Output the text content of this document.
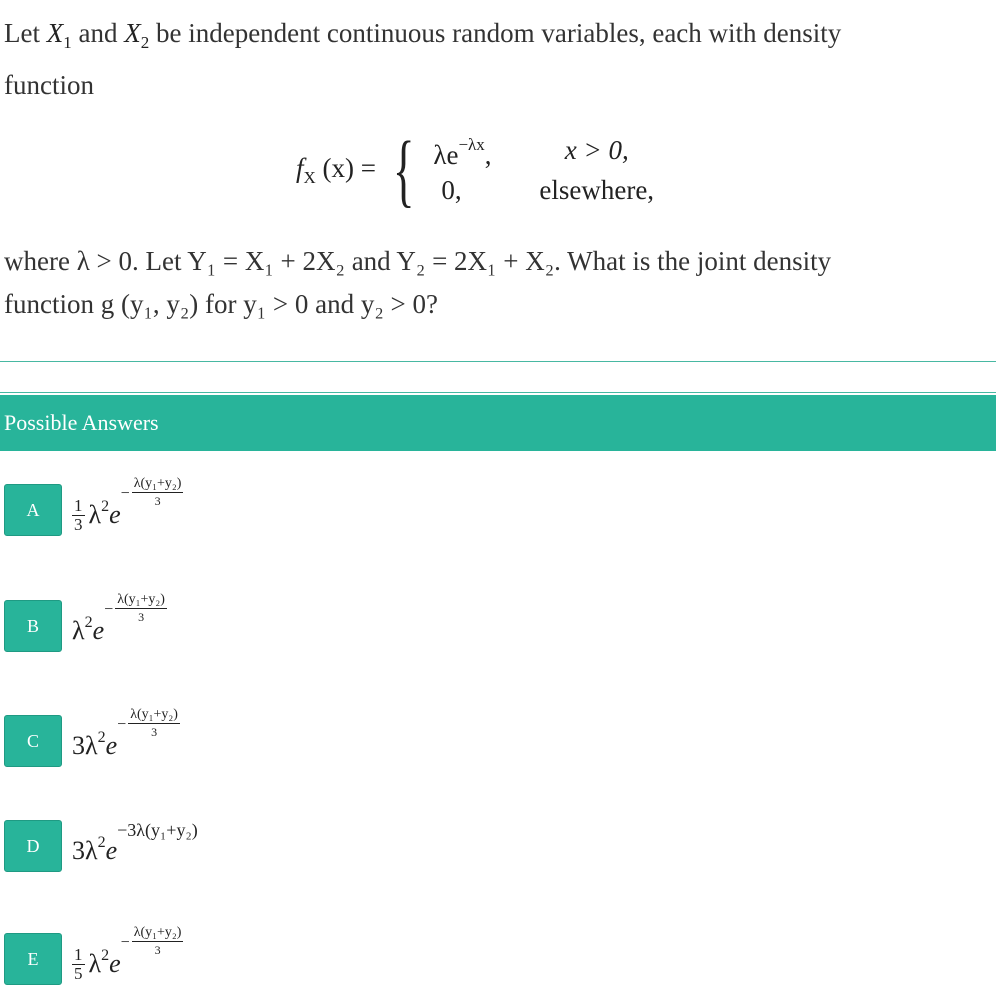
Let $X_1$ and $X_2$ be independent continuous random variables, each with density
function
$f_X$ (x) = { $\lambda e^{-\lambda x}$,	x > 0,
0,	elsewhere,
where λ > 0. Let Y₁ = X₁ + 2X₂ and Y₂ = 2X₁ + X₂. What is the joint density
function g (y₁, y₂) for y₁ > 0 and y₂ > 0?
Possible Answers
A	$\frac{1}{3} \lambda^2$ e
− $\frac{\text{λ(y₁+y₂)}}{3}$
B	$\lambda^2$ e
− $\frac{\text{λ(y₁+y₂)}}{3}$
C	3 $\lambda^2$ e
− $\frac{\text{λ(y₁+y₂)}}{3}$
D	3 $\lambda^2$ e
−3λ(y₁+y₂)
E	$\frac{1}{5} \lambda^2$ e
− $\frac{\text{λ(y₁+y₂)}}{3}$
